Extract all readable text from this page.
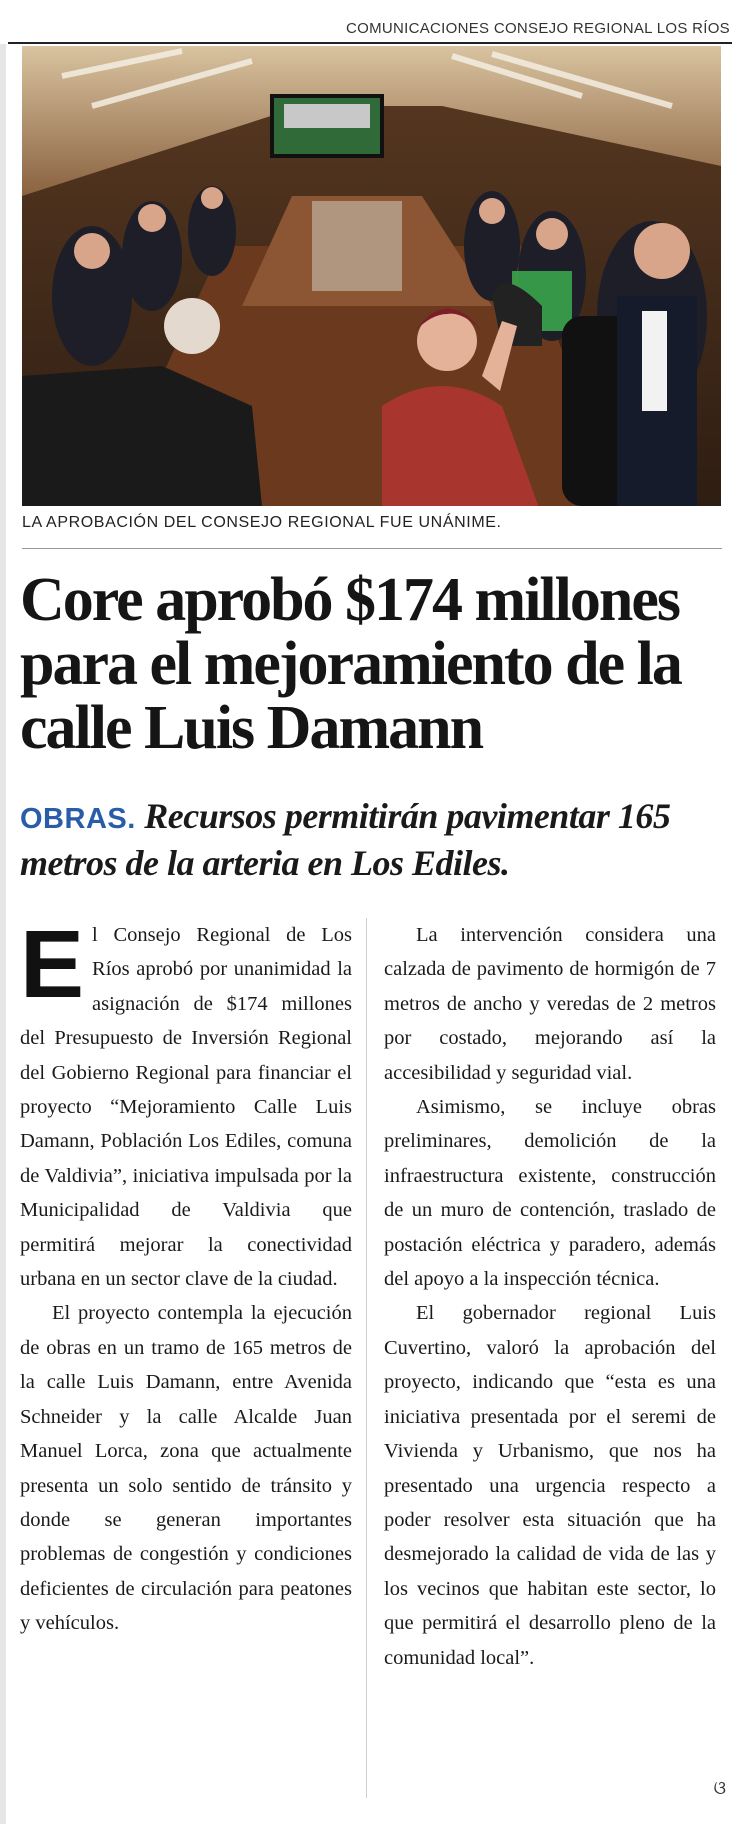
COMUNICACIONES CONSEJO REGIONAL LOS RÍOS
LA APROBACIÓN DEL CONSEJO REGIONAL FUE UNÁNIME.
Core aprobó $174 millones para el mejoramiento de la calle Luis Damann
OBRAS. Recursos permitirán pavimentar 165 metros de la arteria en Los Ediles.

El Consejo Regional de Los Ríos aprobó por unanimidad la asignación de $174 millones del Presupuesto de Inversión Regional del Gobierno Regional para financiar el proyecto “Mejoramiento Calle Luis Damann, Población Los Ediles, comuna de Valdivia”, iniciativa impulsada por la Municipalidad de Valdivia que permitirá mejorar la conectividad urbana en un sector clave de la ciudad.

El proyecto contempla la ejecución de obras en un tramo de 165 metros de la calle Luis Damann, entre Avenida Schneider y la calle Alcalde Juan Manuel Lorca, zona que actualmente presenta un solo sentido de tránsito y donde se generan importantes problemas de congestión y condiciones deficientes de circulación para peatones y vehículos.

La intervención considera una calzada de pavimento de hormigón de 7 metros de ancho y veredas de 2 metros por costado, mejorando así la accesibilidad y seguridad vial.

Asimismo, se incluye obras preliminares, demolición de la infraestructura existente, construcción de un muro de contención, traslado de postación eléctrica y paradero, además del apoyo a la inspección técnica.

El gobernador regional Luis Cuvertino, valoró la aprobación del proyecto, indicando que “esta es una iniciativa presentada por el seremi de Vivienda y Urbanismo, que nos ha presentado una urgencia respecto a poder resolver esta situación que ha desmejorado la calidad de vida de las y los vecinos que habitan este sector, lo que permitirá el desarrollo pleno de la comunidad local”.

ଓ
